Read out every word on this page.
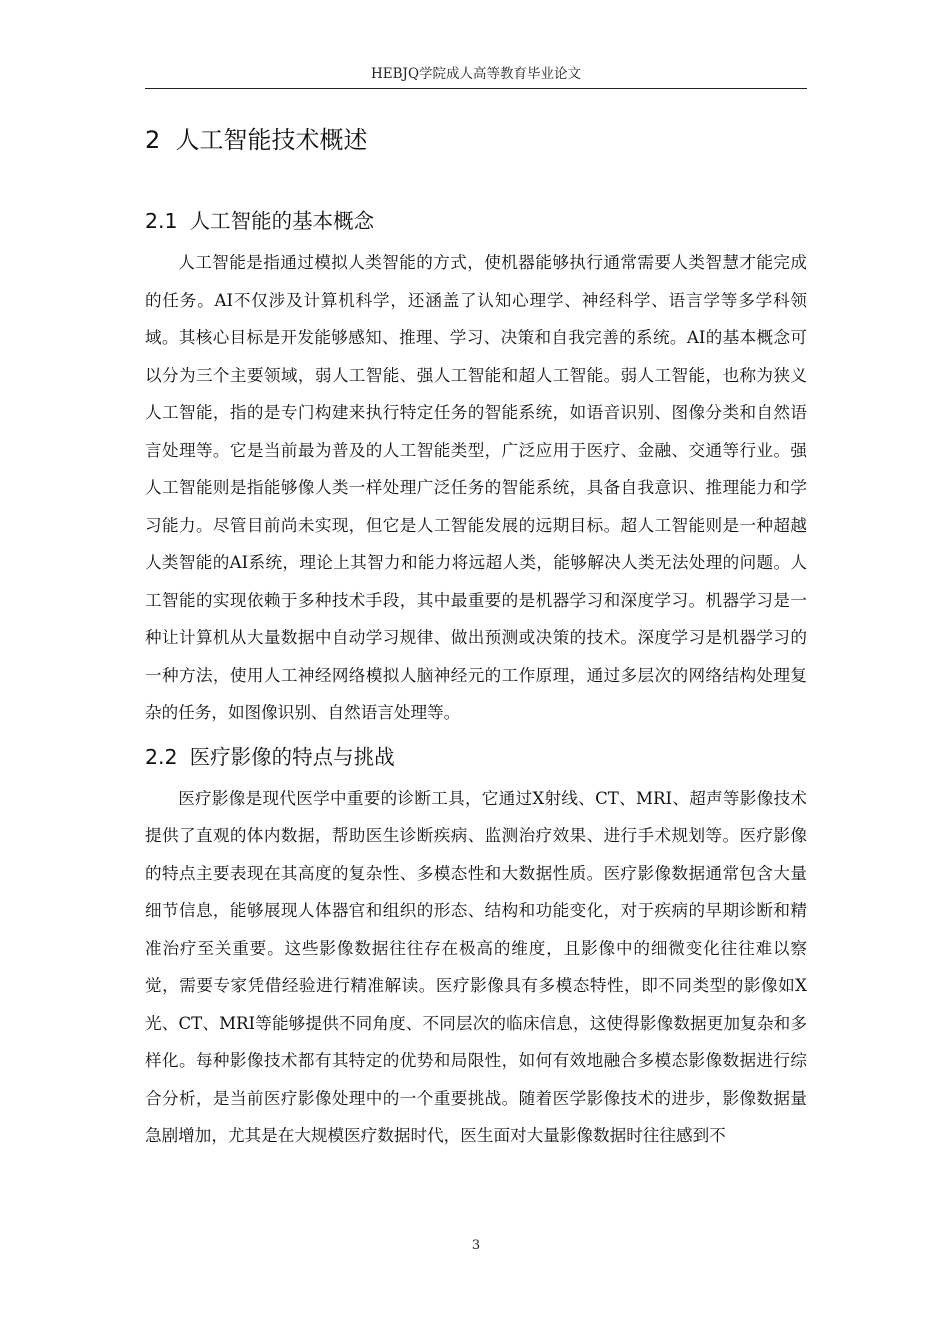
HEBJQ学院成人高等教育毕业论文
2 人工智能技术概述
2.1 人工智能的基本概念

人工智能是指通过模拟人类智能的方式，使机器能够执行通常需要人类智慧才能完成的任务。AI不仅涉及计算机科学，还涵盖了认知心理学、神经科学、语言学等多学科领域。其核心目标是开发能够感知、推理、学习、决策和自我完善的系统。AI的基本概念可以分为三个主要领域，弱人工智能、强人工智能和超人工智能。弱人工智能，也称为狭义人工智能，指的是专门构建来执行特定任务的智能系统，如语音识别、图像分类和自然语言处理等。它是当前最为普及的人工智能类型，广泛应用于医疗、金融、交通等行业。强人工智能则是指能够像人类一样处理广泛任务的智能系统，具备自我意识、推理能力和学习能力。尽管目前尚未实现，但它是人工智能发展的远期目标。超人工智能则是一种超越人类智能的AI系统，理论上其智力和能力将远超人类，能够解决人类无法处理的问题。人工智能的实现依赖于多种技术手段，其中最重要的是机器学习和深度学习。机器学习是一种让计算机从大量数据中自动学习规律、做出预测或决策的技术。深度学习是机器学习的一种方法，使用人工神经网络模拟人脑神经元的工作原理，通过多层次的网络结构处理复杂的任务，如图像识别、自然语言处理等。

2.2 医疗影像的特点与挑战

医疗影像是现代医学中重要的诊断工具，它通过X射线、CT、MRI、超声等影像技术提供了直观的体内数据，帮助医生诊断疾病、监测治疗效果、进行手术规划等。医疗影像的特点主要表现在其高度的复杂性、多模态性和大数据性质。医疗影像数据通常包含大量细节信息，能够展现人体器官和组织的形态、结构和功能变化，对于疾病的早期诊断和精准治疗至关重要。这些影像数据往往存在极高的维度，且影像中的细微变化往往难以察觉，需要专家凭借经验进行精准解读。医疗影像具有多模态特性，即不同类型的影像如X光、CT、MRI等能够提供不同角度、不同层次的临床信息，这使得影像数据更加复杂和多样化。每种影像技术都有其特定的优势和局限性，如何有效地融合多模态影像数据进行综合分析，是当前医疗影像处理中的一个重要挑战。随着医学影像技术的进步，影像数据量急剧增加，尤其是在大规模医疗数据时代，医生面对大量影像数据时往往感到不

3
